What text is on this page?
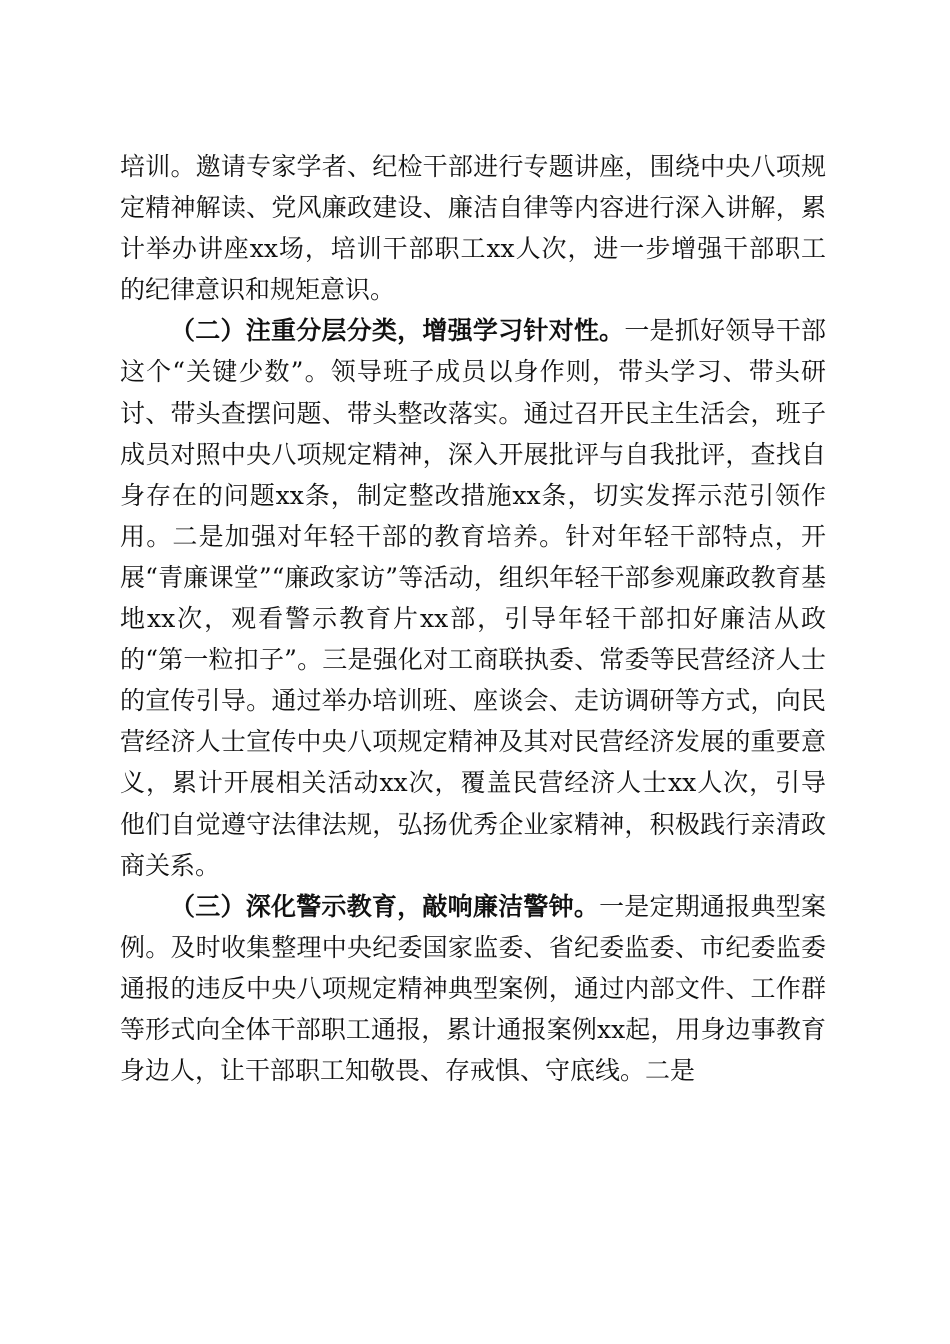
培训。邀请专家学者、纪检干部进行专题讲座，围绕中央八项规定精神解读、党风廉政建设、廉洁自律等内容进行深入讲解，累计举办讲座xx场，培训干部职工xx人次，进一步增强干部职工的纪律意识和规矩意识。

（二）注重分层分类，增强学习针对性。一是抓好领导干部这个“关键少数”。领导班子成员以身作则，带头学习、带头研讨、带头查摆问题、带头整改落实。通过召开民主生活会，班子成员对照中央八项规定精神，深入开展批评与自我批评，查找自身存在的问题xx条，制定整改措施xx条，切实发挥示范引领作用。二是加强对年轻干部的教育培养。针对年轻干部特点，开展“青廉课堂”“廉政家访”等活动，组织年轻干部参观廉政教育基地xx次，观看警示教育片xx部，引导年轻干部扣好廉洁从政的“第一粒扣子”。三是强化对工商联执委、常委等民营经济人士的宣传引导。通过举办培训班、座谈会、走访调研等方式，向民营经济人士宣传中央八项规定精神及其对民营经济发展的重要意义，累计开展相关活动xx次，覆盖民营经济人士xx人次，引导他们自觉遵守法律法规，弘扬优秀企业家精神，积极践行亲清政商关系。

（三）深化警示教育，敲响廉洁警钟。一是定期通报典型案例。及时收集整理中央纪委国家监委、省纪委监委、市纪委监委通报的违反中央八项规定精神典型案例，通过内部文件、工作群等形式向全体干部职工通报，累计通报案例xx起，用身边事教育身边人，让干部职工知敬畏、存戒惧、守底线。二是
